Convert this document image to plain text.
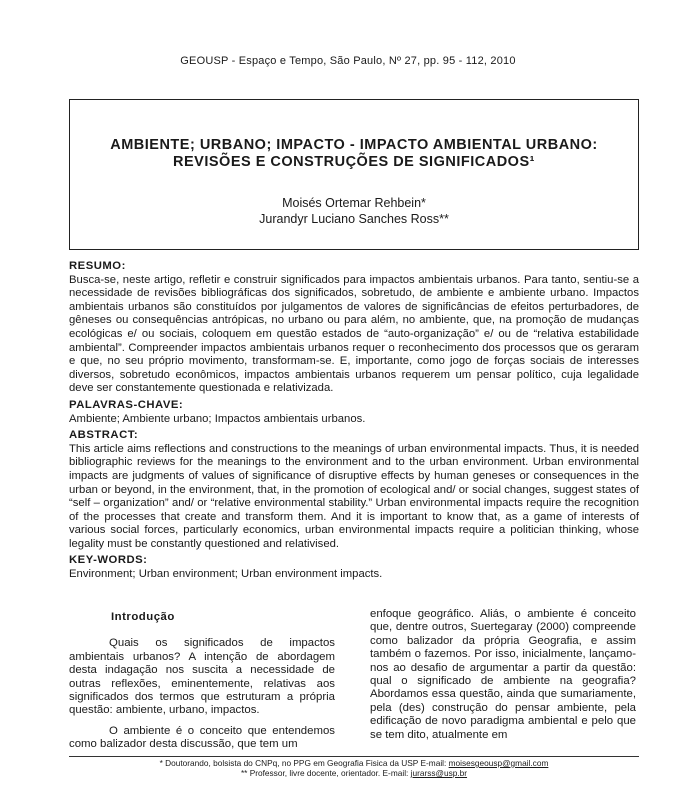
GEOUSP - Espaço e Tempo, São Paulo, Nº 27, pp. 95 - 112, 2010
AMBIENTE; URBANO; IMPACTO - IMPACTO AMBIENTAL URBANO:
REVISÕES E CONSTRUÇÕES DE SIGNIFICADOS¹
Moisés Ortemar Rehbein*
Jurandyr Luciano Sanches Ross**

RESUMO:

Busca-se, neste artigo, refletir e construir significados para impactos ambientais urbanos. Para tanto, sentiu-se a necessidade de revisões bibliográficas dos significados, sobretudo, de ambiente e ambiente urbano. Impactos ambientais urbanos são constituídos por julgamentos de valores de significâncias de efeitos perturbadores, de gêneses ou consequências antrópicas, no urbano ou para além, no ambiente, que, na promoção de mudanças ecológicas e/ ou sociais, coloquem em questão estados de “auto-organização” e/ ou de “relativa estabilidade ambiental”. Compreender impactos ambientais urbanos requer o reconhecimento dos processos que os geraram e que, no seu próprio movimento, transformam-se. E, importante, como jogo de forças sociais de interesses diversos, sobretudo econômicos, impactos ambientais urbanos requerem um pensar político, cuja legalidade deve ser constantemente questionada e relativizada.

PALAVRAS-CHAVE:

Ambiente; Ambiente urbano; Impactos ambientais urbanos.

ABSTRACT:

This article aims reflections and constructions to the meanings of urban environmental impacts. Thus, it is needed bibliographic reviews for the meanings to the environment and to the urban environment. Urban environmental impacts are judgments of values of significance of disruptive effects by human geneses or consequences in the urban or beyond, in the environment, that, in the promotion of ecological and/ or social changes, suggest states of “self – organization” and/ or “relative environmental stability.” Urban environmental impacts require the recognition of the processes that create and transform them. And it is important to know that, as a game of interests of various social forces, particularly economics, urban environmental impacts require a politician thinking, whose legality must be constantly questioned and relativised.

KEY-WORDS:

Environment; Urban environment; Urban environment impacts.

Introdução

Quais os significados de impactos ambientais urbanos? A intenção de abordagem desta indagação nos suscita a necessidade de outras reflexões, eminentemente, relativas aos significados dos termos que estruturam a própria questão: ambiente, urbano, impactos.

O ambiente é o conceito que entendemos como balizador desta discussão, que tem um

enfoque geográfico. Aliás, o ambiente é conceito que, dentre outros, Suertegaray (2000) compreende como balizador da própria Geografia, e assim também o fazemos. Por isso, inicialmente, lançamo-nos ao desafio de argumentar a partir da questão: qual o significado de ambiente na geografia? Abordamos essa questão, ainda que sumariamente, pela (des) construção do pensar ambiente, pela edificação de novo paradigma ambiental e pelo que se tem dito, atualmente em

* Doutorando, bolsista do CNPq, no PPG em Geografia Fisica da USP E-mail: moisesgeousp@gmail.com
** Professor, livre docente, orientador. E-mail: jurarss@usp.br
